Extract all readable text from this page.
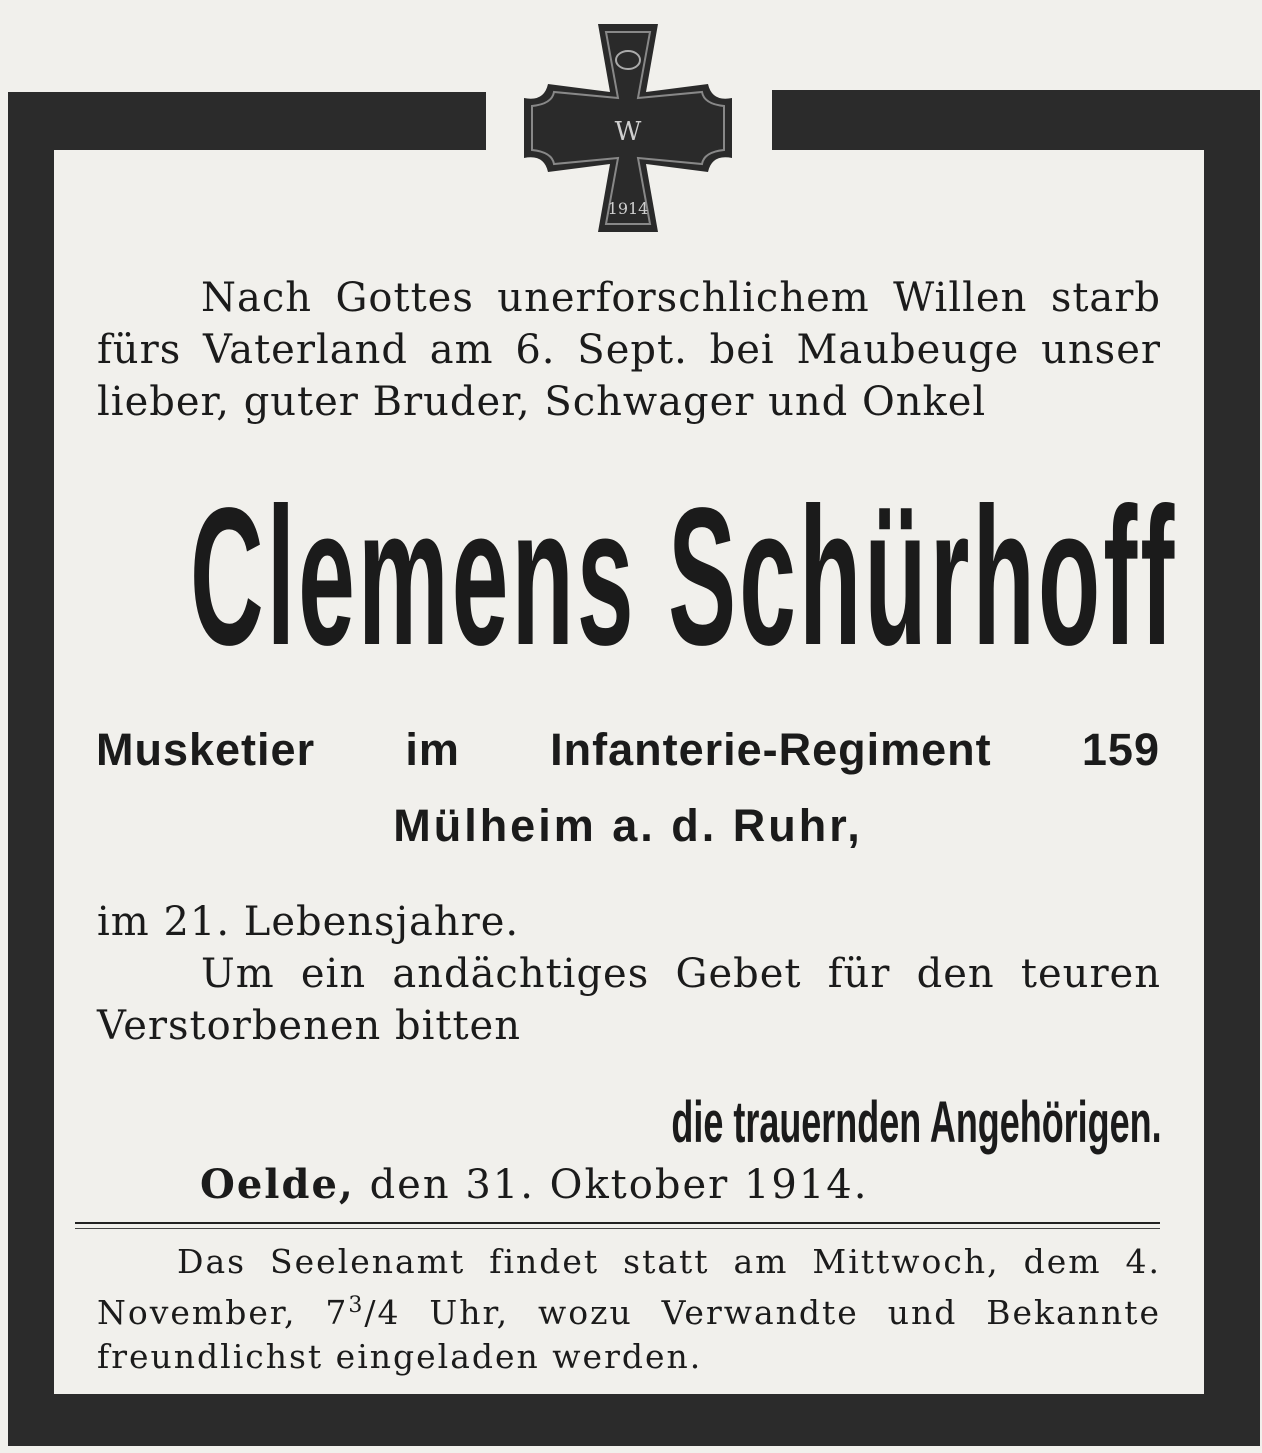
W
1914
Nach Gottes unerforschlichem Willen starb
fürs Vaterland am 6. Sept. bei Maubeuge unser
lieber, guter Bruder, Schwager und Onkel
Clemens Schürhoff
Musketier im Infanterie-Regiment 159
Mülheim a. d. Ruhr,
im 21. Lebensjahre.
Um ein andächtiges Gebet für den teuren
Verstorbenen bitten
die trauernden Angehörigen.
Oelde, den 31. Oktober 1914.
Das Seelenamt findet statt am Mittwoch, dem 4.
November, $7^3/4$ Uhr, wozu Verwandte und Bekannte
freundlichst eingeladen werden.
